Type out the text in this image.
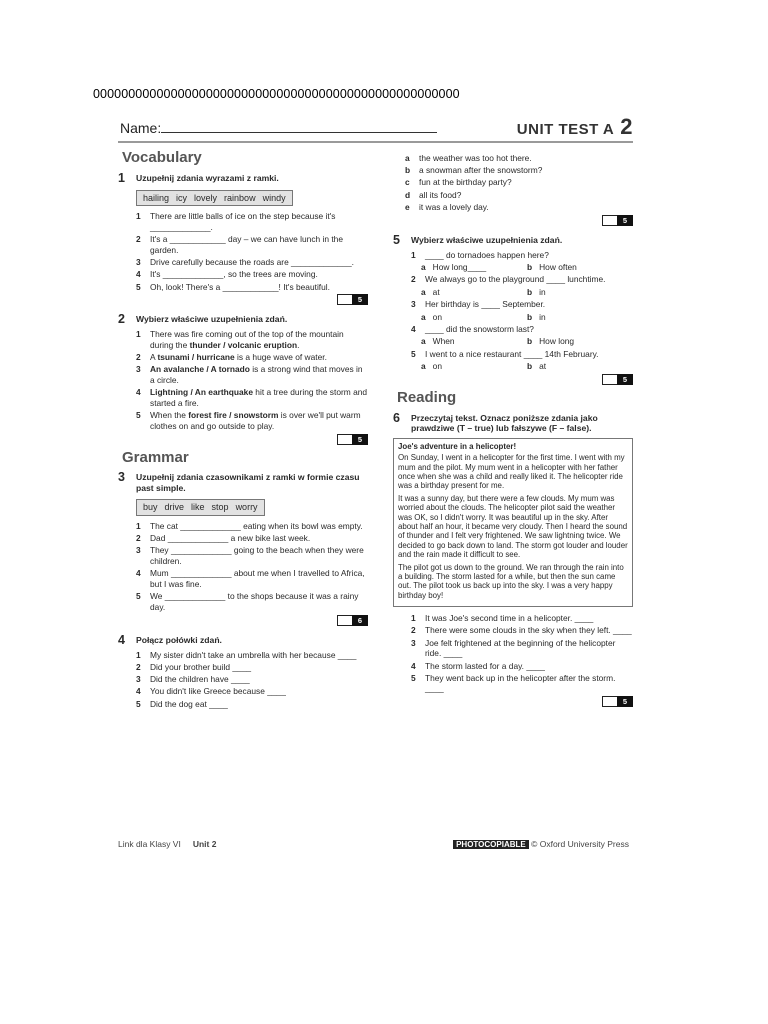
0000000000000000000000000000000000000000000000000000
Name:	UNIT TEST A 2
Vocabulary
1	Uzupełnij zdania wyrazami z ramki.
hailing icy lovely rainbow windy
1	There are little balls of ice on the step because it's _____________.
2	It's a ____________ day – we can have lunch in the garden.
3	Drive carefully because the roads are _____________.
4	It's _____________, so the trees are moving.
5	Oh, look! There's a ____________! It's beautiful.
5
2	Wybierz właściwe uzupełnienia zdań.
1	There was fire coming out of the top of the mountain during the thunder / volcanic eruption.
2	A tsunami / hurricane is a huge wave of water.
3	An avalanche / A tornado is a strong wind that moves in a circle.
4	Lightning / An earthquake hit a tree during the storm and started a fire.
5	When the forest fire / snowstorm is over we'll put warm clothes on and go outside to play.
5
Grammar
3	Uzupełnij zdania czasownikami z ramki w formie czasu past simple.
buy drive like stop worry
1	The cat _____________ eating when its bowl was empty.
2	Dad _____________ a new bike last week.
3	They _____________ going to the beach when they were children.
4	Mum _____________ about me when I travelled to Africa, but I was fine.
5	We _____________ to the shops because it was a rainy day.
6
4	Połącz połówki zdań.
1	My sister didn't take an umbrella with her because ____
2	Did your brother build ____
3	Did the children have ____
4	You didn't like Greece because ____
5	Did the dog eat ____
a	the weather was too hot there.
b	a snowman after the snowstorm?
c	fun at the birthday party?
d	all its food?
e	it was a lovely day.
5
5	Wybierz właściwe uzupełnienia zdań.
1	____ do tornadoes happen here?
a How long____	b How often
2	We always go to the playground ____ lunchtime.
a at	b in
3	Her birthday is ____ September.
a on	b in
4	____ did the snowstorm last?
a When	b How long
5	I went to a nice restaurant ____ 14th February.
a on	b at
5
Reading
6	Przeczytaj tekst. Oznacz poniższe zdania jako prawdziwe (T – true) lub fałszywe (F – false).
Joe's adventure in a helicopter!

On Sunday, I went in a helicopter for the first time. I went with my mum and the pilot. My mum went in a helicopter with her father once when she was a child and really liked it. The helicopter ride was a birthday present for me.

It was a sunny day, but there were a few clouds. My mum was worried about the clouds. The helicopter pilot said the weather was OK, so I didn't worry. It was beautiful up in the sky. After about half an hour, it became very cloudy. Then I heard the sound of thunder and I felt very frightened. We saw lightning twice. We decided to go back down to land. The storm got louder and louder and the rain made it difficult to see.

The pilot got us down to the ground. We ran through the rain into a building. The storm lasted for a while, but then the sun came out. The pilot took us back up into the sky. I was a very happy birthday boy!

1	It was Joe's second time in a helicopter. ____
2	There were some clouds in the sky when they left. ____
3	Joe felt frightened at the beginning of the helicopter ride. ____
4	The storm lasted for a day. ____
5	They went back up in the helicopter after the storm. ____
5
Link dla Klasy VI Unit 2	PHOTOCOPIABLE © Oxford University Press
